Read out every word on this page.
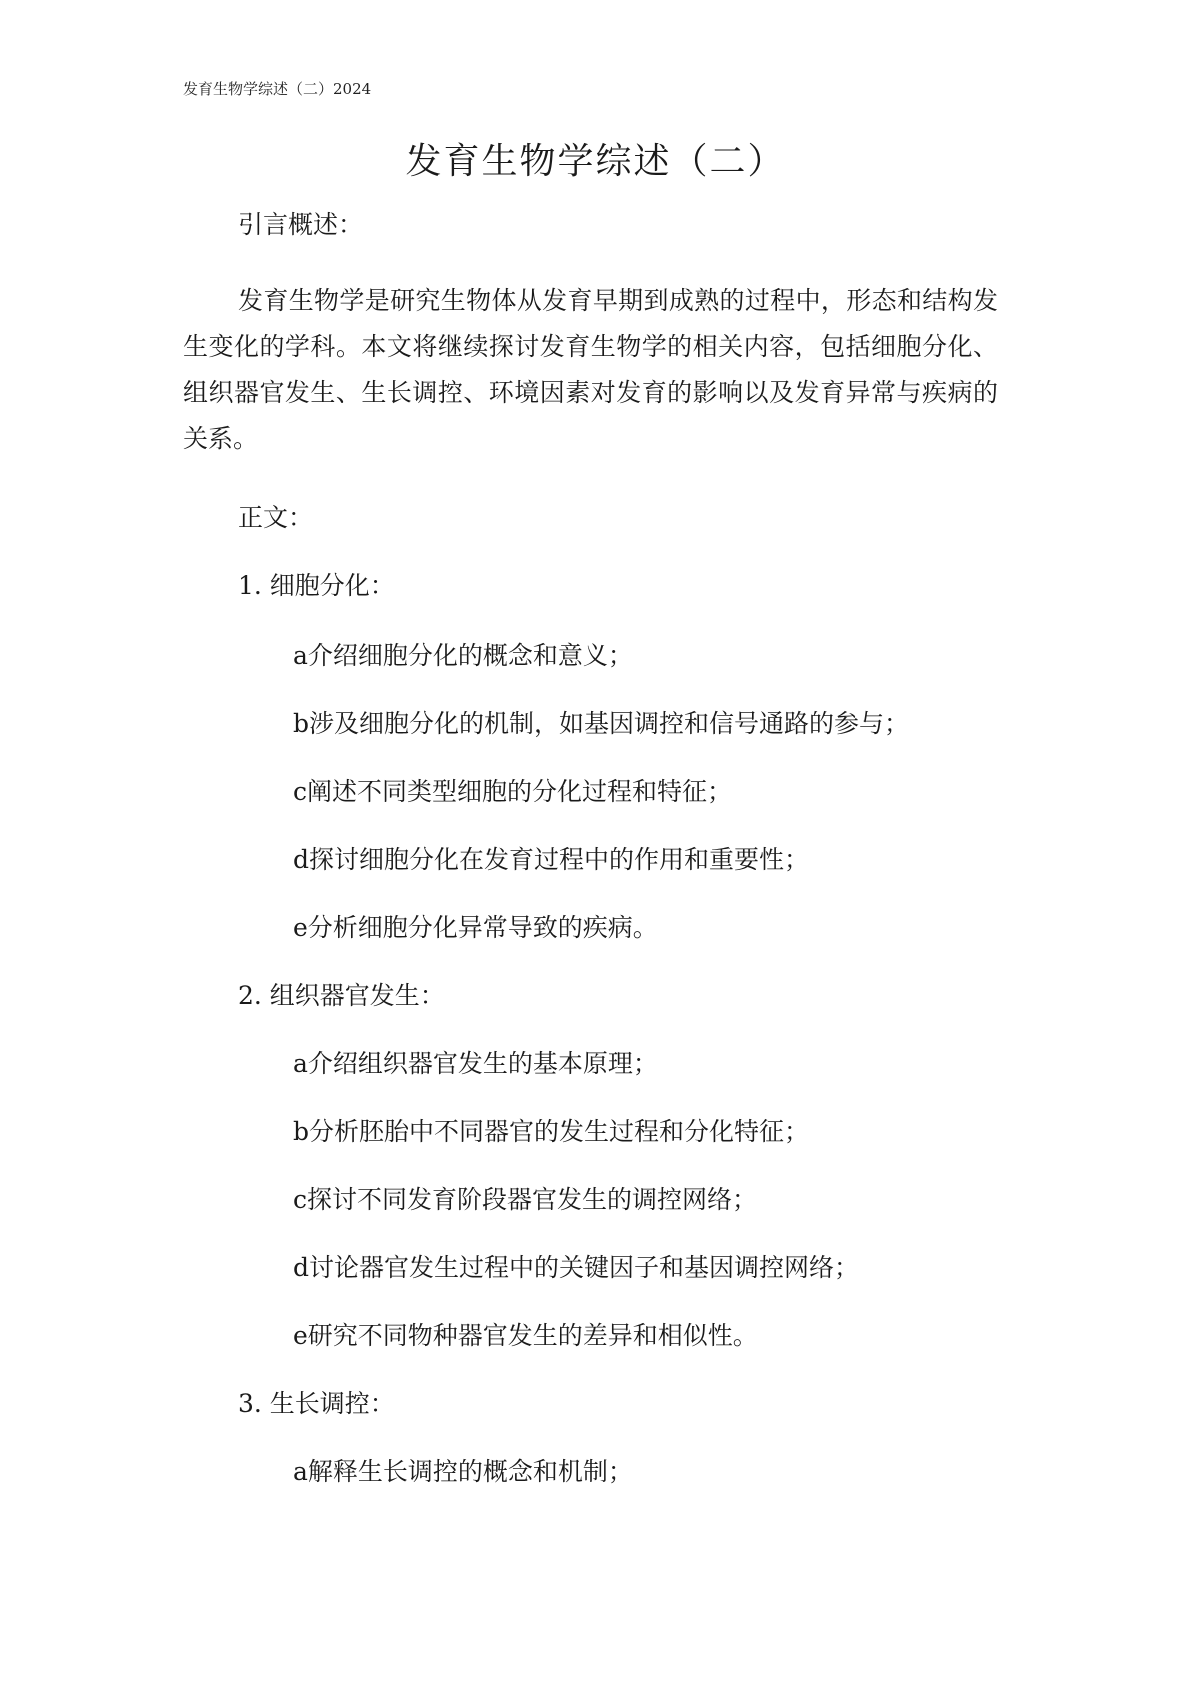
发育生物学综述（二）2024
发育生物学综述（二）
引言概述：
发育生物学是研究生物体从发育早期到成熟的过程中，形态和结构发生变化的学科。本文将继续探讨发育生物学的相关内容，包括细胞分化、组织器官发生、生长调控、环境因素对发育的影响以及发育异常与疾病的关系。
正文：
1. 细胞分化：
a介绍细胞分化的概念和意义；
b涉及细胞分化的机制，如基因调控和信号通路的参与；
c阐述不同类型细胞的分化过程和特征；
d探讨细胞分化在发育过程中的作用和重要性；
e分析细胞分化异常导致的疾病。
2. 组织器官发生：
a介绍组织器官发生的基本原理；
b分析胚胎中不同器官的发生过程和分化特征；
c探讨不同发育阶段器官发生的调控网络；
d讨论器官发生过程中的关键因子和基因调控网络；
e研究不同物种器官发生的差异和相似性。
3. 生长调控：
a解释生长调控的概念和机制；
